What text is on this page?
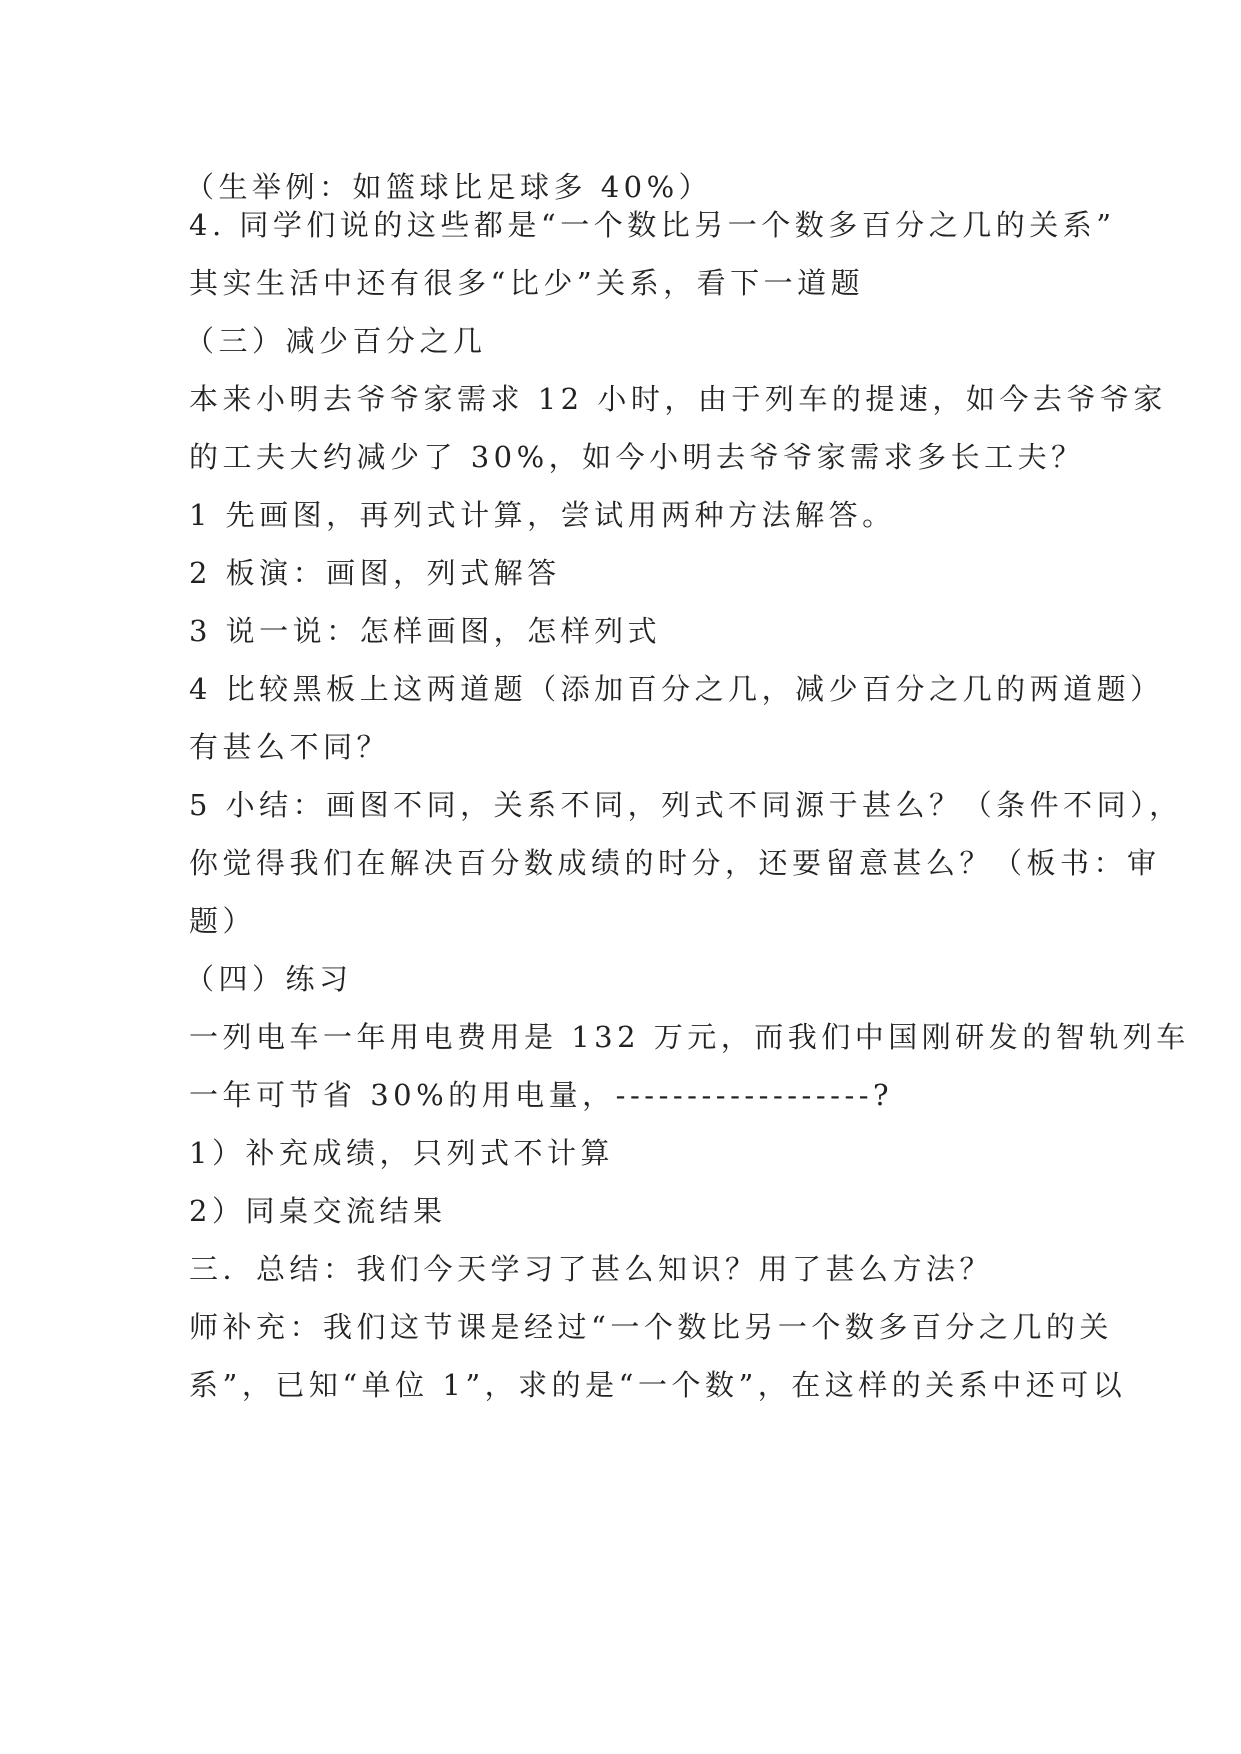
（生举例：如篮球比足球多 40%）
4. 同学们说的这些都是“一个数比另一个数多百分之几的关系”
其实生活中还有很多“比少”关系，看下一道题
（三）减少百分之几
本来小明去爷爷家需求 12 小时，由于列车的提速，如今去爷爷家
的工夫大约减少了 30%，如今小明去爷爷家需求多长工夫？
1 先画图，再列式计算，尝试用两种方法解答。
2 板演：画图，列式解答
3 说一说：怎样画图，怎样列式
4 比较黑板上这两道题（添加百分之几，减少百分之几的两道题）
有甚么不同？
5 小结：画图不同，关系不同，列式不同源于甚么？（条件不同），
你觉得我们在解决百分数成绩的时分，还要留意甚么？（板书：审
题）
（四）练习
一列电车一年用电费用是 132 万元，而我们中国刚研发的智轨列车
一年可节省 30%的用电量，------------------?
1）补充成绩，只列式不计算
2）同桌交流结果
三．总结：我们今天学习了甚么知识？用了甚么方法？
师补充：我们这节课是经过“一个数比另一个数多百分之几的关
系”，已知“单位 1”，求的是“一个数”，在这样的关系中还可以
